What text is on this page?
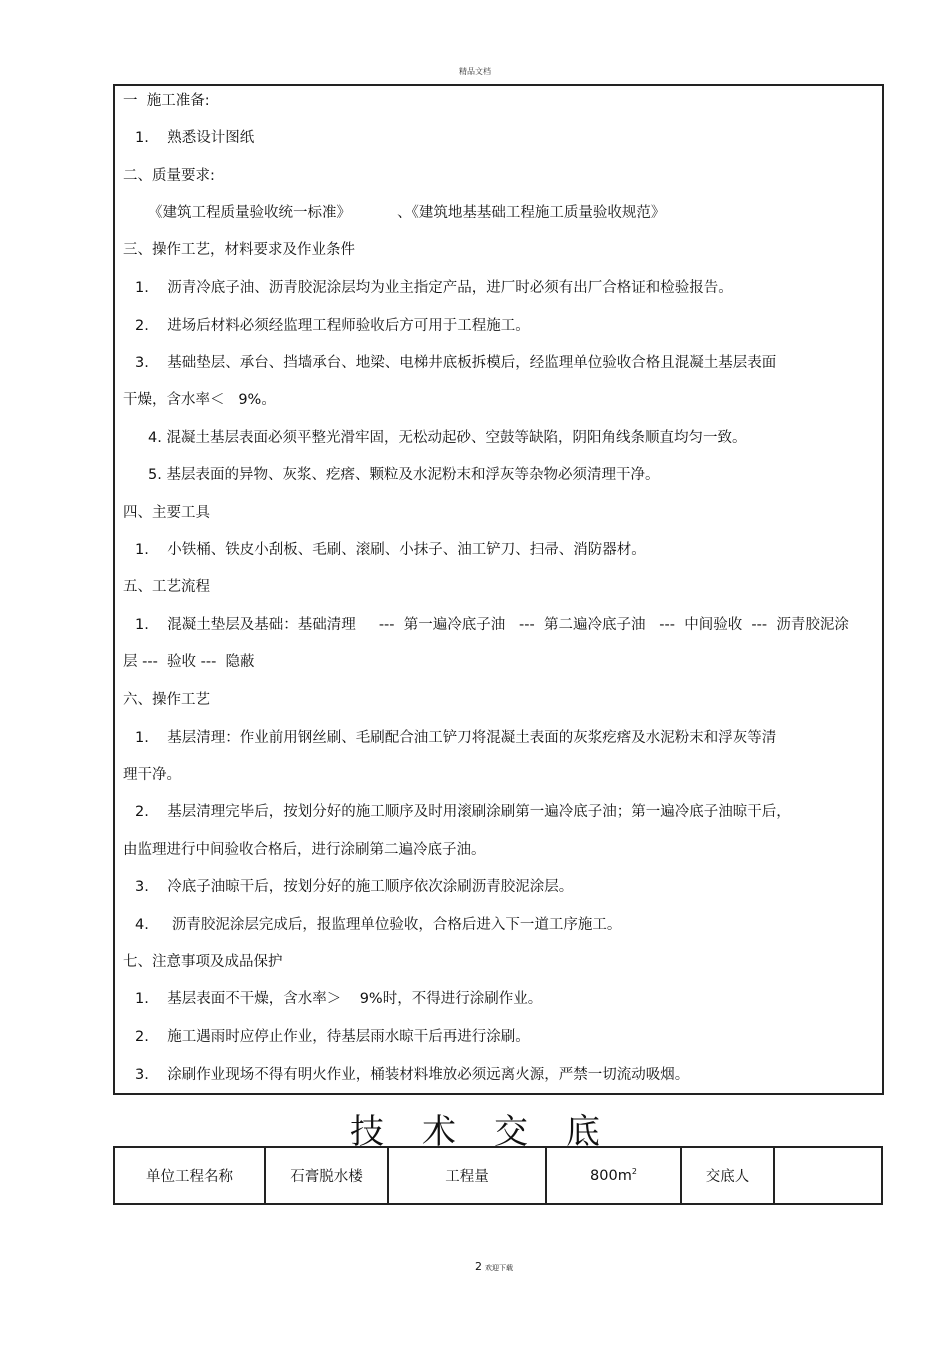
精品文档
一  施工准备:
1.    熟悉设计图纸
二、质量要求:
《建筑工程质量验收统一标准》          、《建筑地基基础工程施工质量验收规范》
三、操作工艺，材料要求及作业条件
1.    沥青冷底子油、沥青胶泥涂层均为业主指定产品，进厂时必须有出厂合格证和检验报告。
2.    进场后材料必须经监理工程师验收后方可用于工程施工。
3.    基础垫层、承台、挡墙承台、地梁、电梯井底板拆模后，经监理单位验收合格且混凝土基层表面
干燥，含水率＜   9%。
4. 混凝土基层表面必须平整光滑牢固，无松动起砂、空鼓等缺陷，阴阳角线条顺直均匀一致。
5. 基层表面的异物、灰浆、疙瘩、颗粒及水泥粉末和浮灰等杂物必须清理干净。
四、主要工具
1.    小铁桶、铁皮小刮板、毛刷、滚刷、小抹子、油工铲刀、扫帚、消防器材。
五、工艺流程
1.    混凝土垫层及基础：基础清理     ---  第一遍冷底子油   ---  第二遍冷底子油   ---  中间验收  ---  沥青胶泥涂
层 ---  验收 ---  隐蔽
六、操作工艺
1.    基层清理：作业前用钢丝刷、毛刷配合油工铲刀将混凝土表面的灰浆疙瘩及水泥粉末和浮灰等清
理干净。
2.    基层清理完毕后，按划分好的施工顺序及时用滚刷涂刷第一遍冷底子油；第一遍冷底子油晾干后，
由监理进行中间验收合格后，进行涂刷第二遍冷底子油。
3.    冷底子油晾干后，按划分好的施工顺序依次涂刷沥青胶泥涂层。
4.     沥青胶泥涂层完成后，报监理单位验收，合格后进入下一道工序施工。
七、注意事项及成品保护
1.    基层表面不干燥，含水率＞    9%时，不得进行涂刷作业。
2.    施工遇雨时应停止作业，待基层雨水晾干后再进行涂刷。
3.    涂刷作业现场不得有明火作业，桶装材料堆放必须远离火源，严禁一切流动吸烟。
技术交底
单位工程名称	石膏脱水楼	工程量	$800m^2$	交底人	
2 欢迎下载
